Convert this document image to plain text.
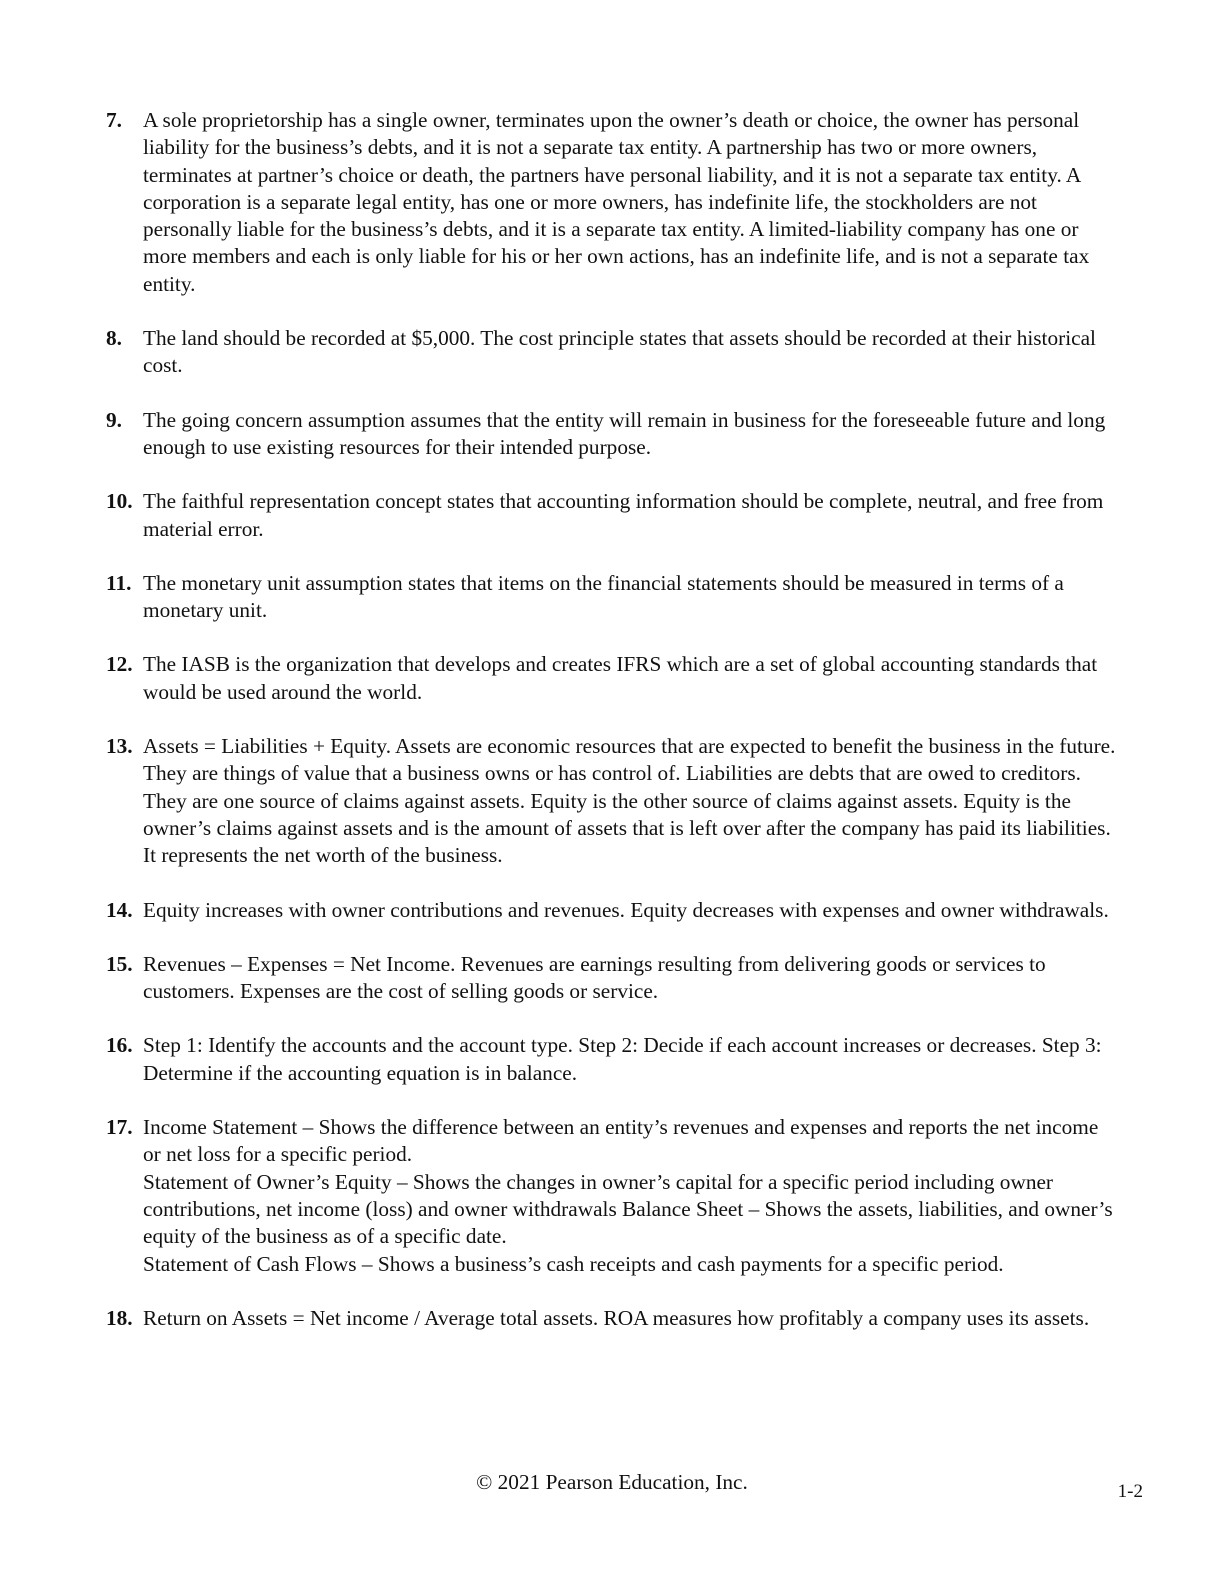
7. A sole proprietorship has a single owner, terminates upon the owner’s death or choice, the owner has personal liability for the business’s debts, and it is not a separate tax entity. A partnership has two or more owners, terminates at partner’s choice or death, the partners have personal liability, and it is not a separate tax entity. A corporation is a separate legal entity, has one or more owners, has indefinite life, the stockholders are not personally liable for the business’s debts, and it is a separate tax entity. A limited-liability company has one or more members and each is only liable for his or her own actions, has an indefinite life, and is not a separate tax entity.
8. The land should be recorded at $5,000. The cost principle states that assets should be recorded at their historical cost.
9. The going concern assumption assumes that the entity will remain in business for the foreseeable future and long enough to use existing resources for their intended purpose.
10. The faithful representation concept states that accounting information should be complete, neutral, and free from material error.
11. The monetary unit assumption states that items on the financial statements should be measured in terms of a monetary unit.
12. The IASB is the organization that develops and creates IFRS which are a set of global accounting standards that would be used around the world.
13. Assets = Liabilities + Equity. Assets are economic resources that are expected to benefit the business in the future. They are things of value that a business owns or has control of. Liabilities are debts that are owed to creditors. They are one source of claims against assets. Equity is the other source of claims against assets. Equity is the owner’s claims against assets and is the amount of assets that is left over after the company has paid its liabilities. It represents the net worth of the business.
14. Equity increases with owner contributions and revenues. Equity decreases with expenses and owner withdrawals.
15. Revenues – Expenses = Net Income. Revenues are earnings resulting from delivering goods or services to customers. Expenses are the cost of selling goods or service.
16. Step 1: Identify the accounts and the account type. Step 2: Decide if each account increases or decreases. Step 3: Determine if the accounting equation is in balance.
17. Income Statement – Shows the difference between an entity’s revenues and expenses and reports the net income or net loss for a specific period.
Statement of Owner’s Equity – Shows the changes in owner’s capital for a specific period including owner contributions, net income (loss) and owner withdrawals Balance Sheet – Shows the assets, liabilities, and owner’s equity of the business as of a specific date.
Statement of Cash Flows – Shows a business’s cash receipts and cash payments for a specific period.
18. Return on Assets = Net income / Average total assets. ROA measures how profitably a company uses its assets.
© 2021 Pearson Education, Inc.	1-2
